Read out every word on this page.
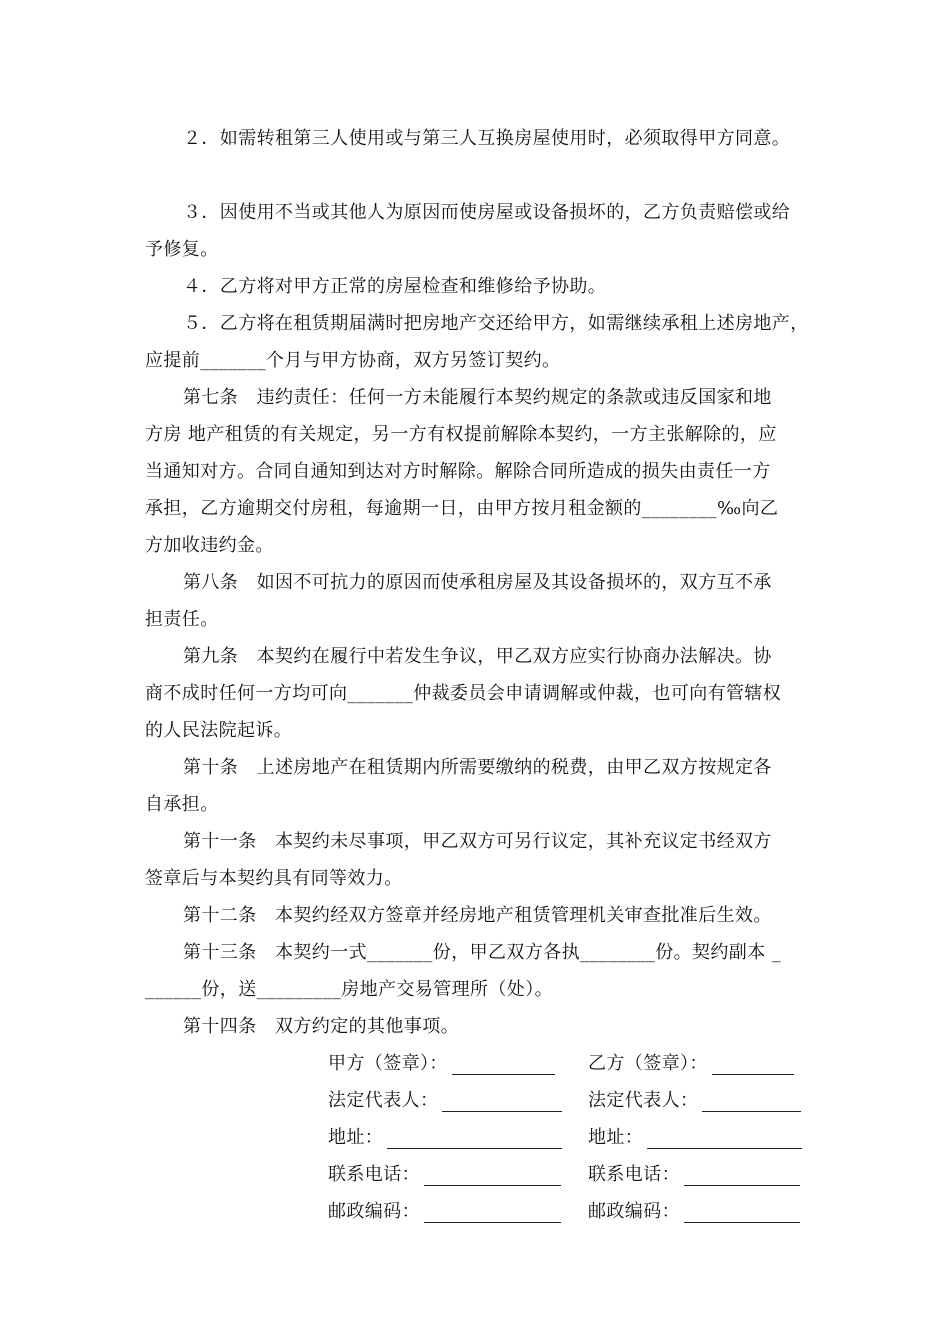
２．如需转租第三人使用或与第三人互换房屋使用时，必须取得甲方同意。
３．因使用不当或其他人为原因而使房屋或设备损坏的，乙方负责赔偿或给
予修复。
４．乙方将对甲方正常的房屋检查和维修给予协助。
５．乙方将在租赁期届满时把房地产交还给甲方，如需继续承租上述房地产，
应提前_______个月与甲方协商，双方另签订契约。
第七条　违约责任：任何一方未能履行本契约规定的条款或违反国家和地
方房 地产租赁的有关规定，另一方有权提前解除本契约，一方主张解除的，应
当通知对方。合同自通知到达对方时解除。解除合同所造成的损失由责任一方
承担，乙方逾期交付房租，每逾期一日，由甲方按月租金额的________‰向乙
方加收违约金。
第八条　如因不可抗力的原因而使承租房屋及其设备损坏的，双方互不承
担责任。
第九条　本契约在履行中若发生争议，甲乙双方应实行协商办法解决。协
商不成时任何一方均可向_______仲裁委员会申请调解或仲裁，也可向有管辖权
的人民法院起诉。
第十条　上述房地产在租赁期内所需要缴纳的税费，由甲乙双方按规定各
自承担。
第十一条　本契约未尽事项，甲乙双方可另行议定，其补充议定书经双方
签章后与本契约具有同等效力。
第十二条　本契约经双方签章并经房地产租赁管理机关审查批准后生效。
第十三条　本契约一式_______份，甲乙双方各执________份。契约副本 _
______份，送_________房地产交易管理所（处）。
第十四条　双方约定的其他事项。
甲方（签章）：
法定代表人：
地址：
联系电话：
邮政编码：
乙方（签章）：
法定代表人：
地址：
联系电话：
邮政编码：
